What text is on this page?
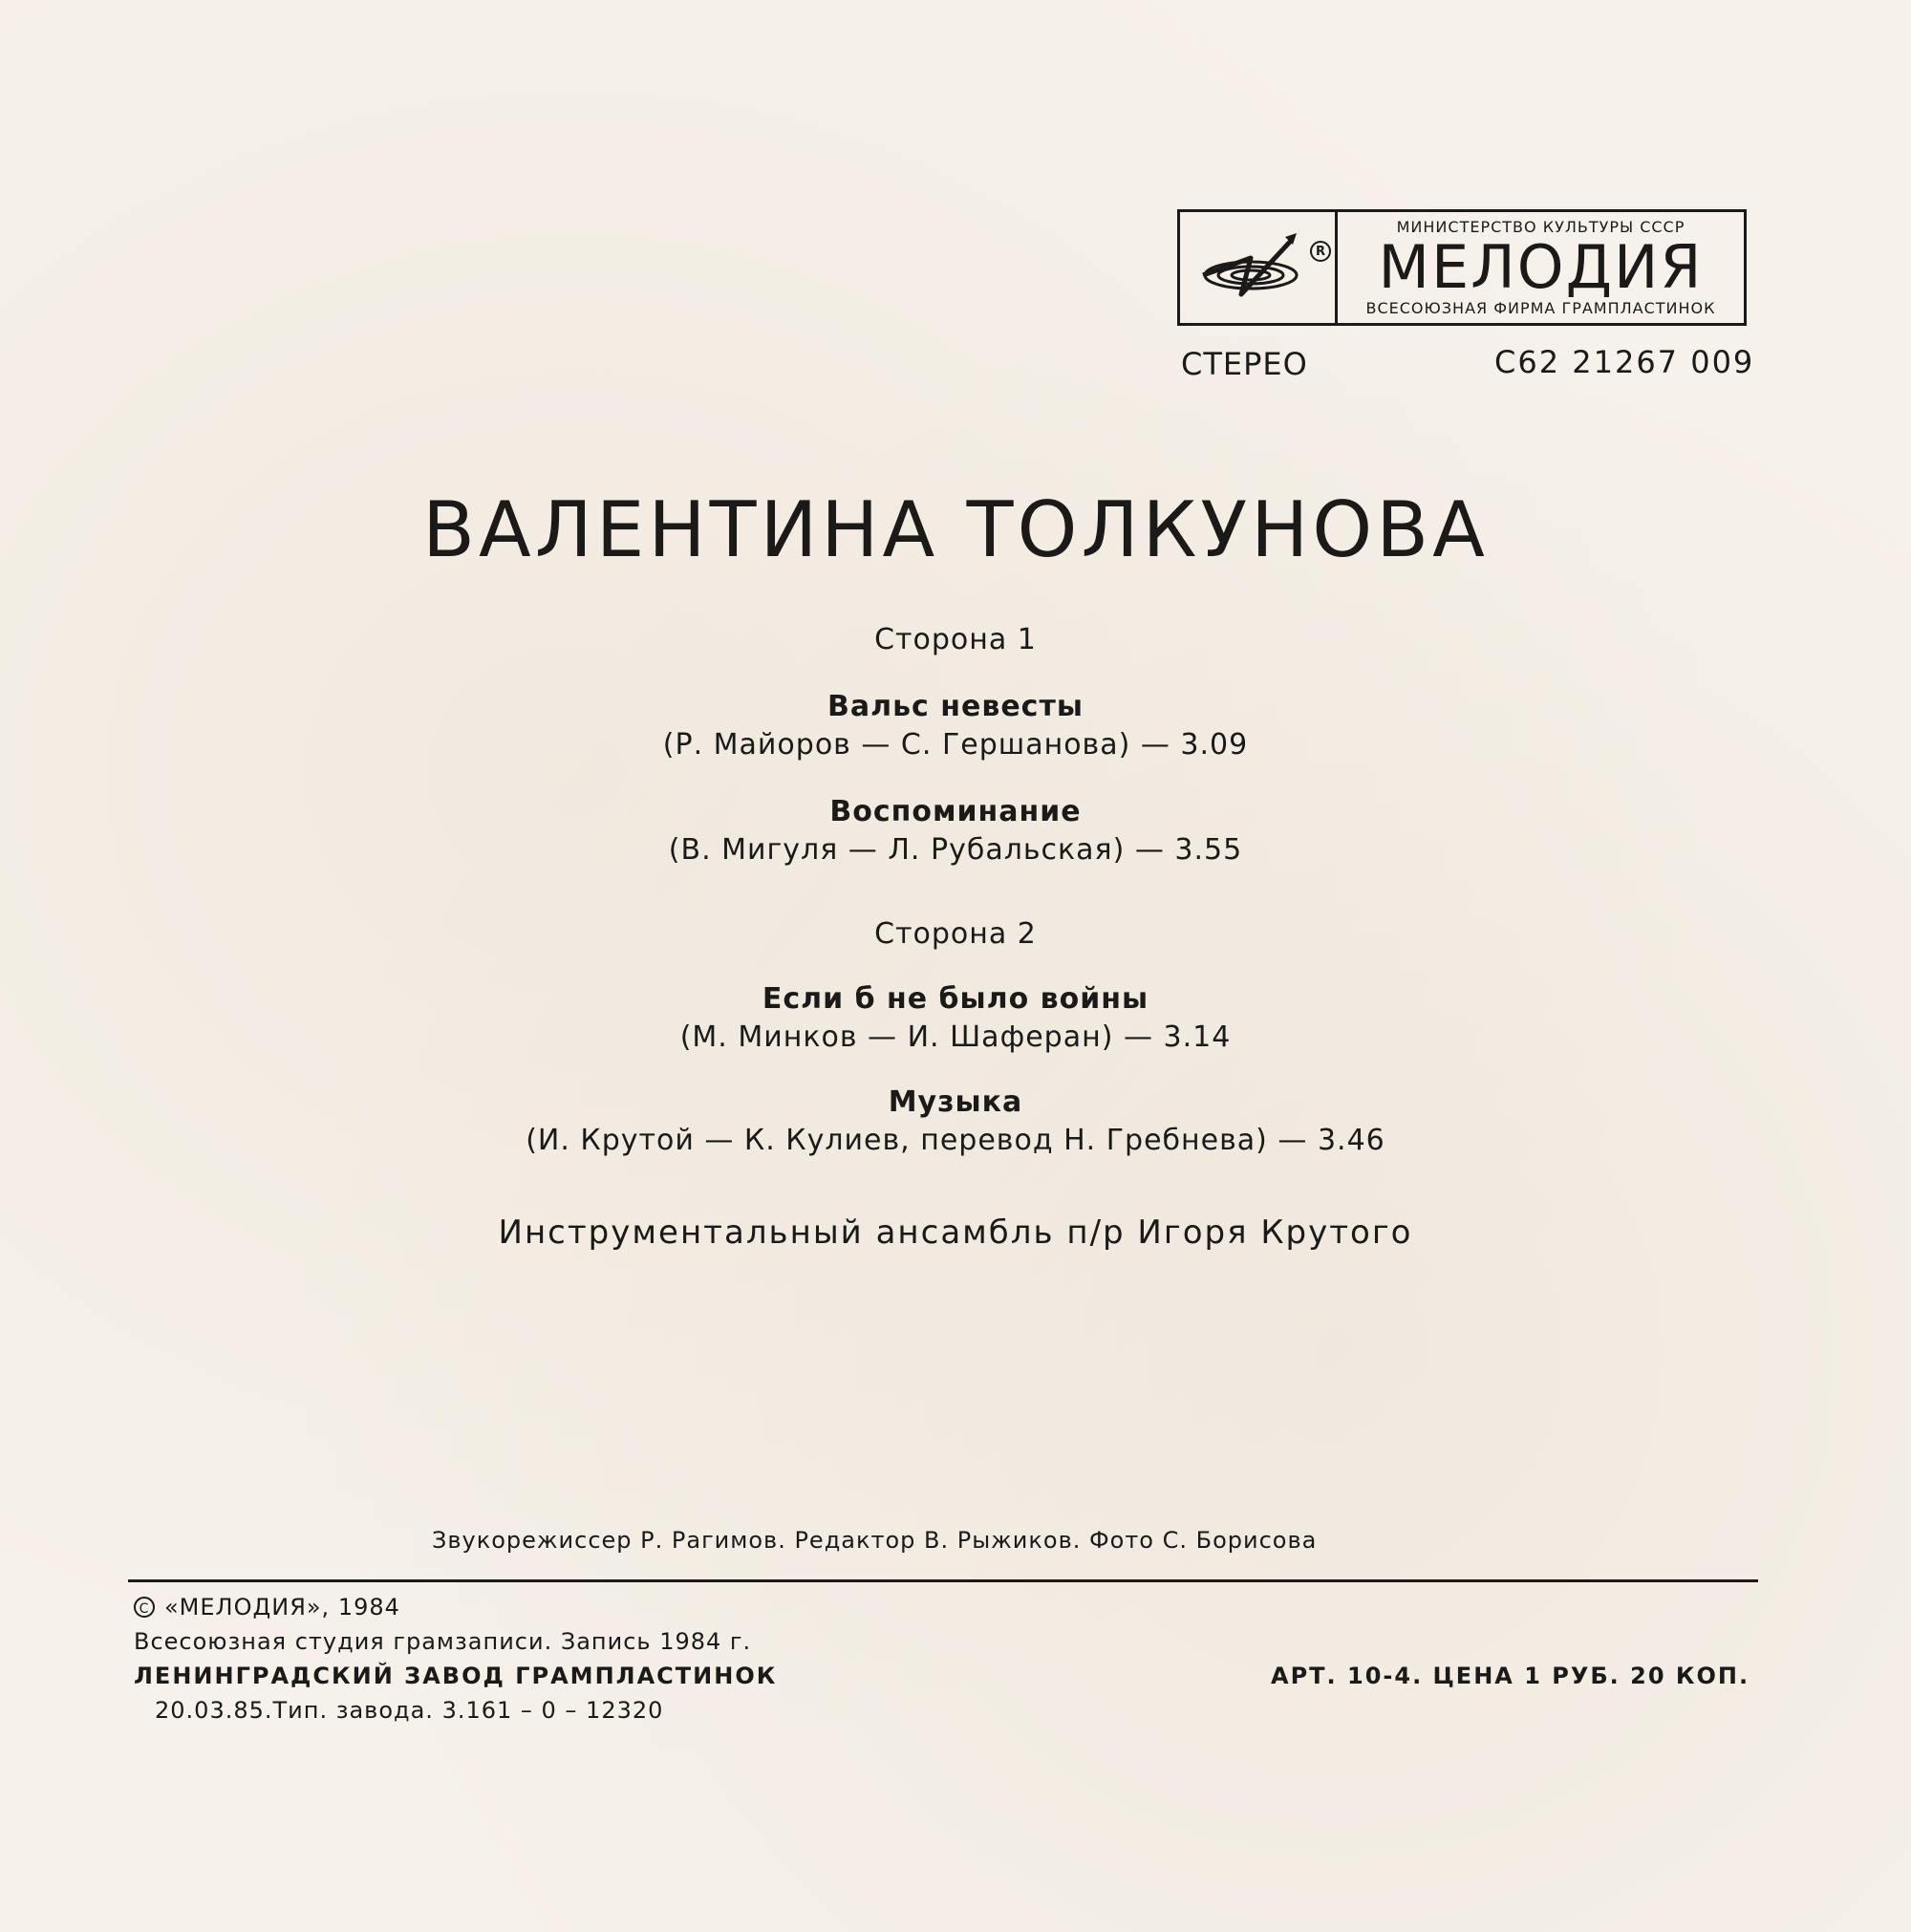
R
МИНИСТЕРСТВО КУЛЬТУРЫ СССР
МЕЛОДИЯ
ВСЕСОЮЗНАЯ ФИРМА ГРАМПЛАСТИНОК
СТЕРЕО	С62 21267 009
ВАЛЕНТИНА ТОЛКУНОВА
Сторона 1
Вальс невесты
(Р. Майоров — С. Гершанова) — 3.09
Воспоминание
(В. Мигуля — Л. Рубальская) — 3.55
Сторона 2
Если б не было войны
(М. Минков — И. Шаферан) — 3.14
Музыка
(И. Крутой — К. Кулиев, перевод Н. Гребнева) — 3.46
Инструментальный ансамбль п/р Игоря Крутого
Звукорежиссер Р. Рагимов. Редактор В. Рыжиков. Фото С. Борисова
C «МЕЛОДИЯ», 1984
Всесоюзная студия грамзаписи. Запись 1984 г.
ЛЕНИНГРАДСКИЙ ЗАВОД ГРАМПЛАСТИНОК
20.03.85.Тип. завода. 3.161 – 0 – 12320
АРТ. 10-4. ЦЕНА 1 РУБ. 20 КОП.
